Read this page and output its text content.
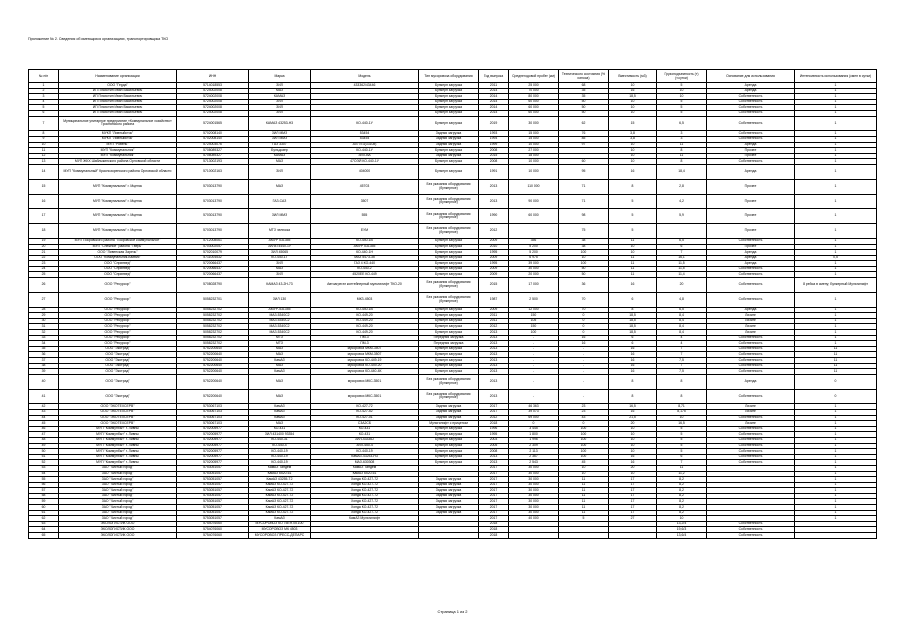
Приложение № 2. Сведения об имеющихся организациях, транспортировщика ТКО
№ п/п	Наименование организации	ИНН	Марка	Модель	Тип мусоровоза оборудования	Год выпуска	Среднегодовой пробег (км)	Технического состояния (% износа)	Вместимость (м3)	Грузоподъемность (т) (т.сутки)	Основание для использования	Интенсивность использования (смен в сутки)
1	ООО "Герда"	5714018553	ЗИЛ	433362/43446	Бункерн загрузка	2011	25 000	68	10	5	Аренда	1
2	ИП Плахотин Иван Васильевич	5724002008	МАЗ		Бункерн загрузка	2014	70 000	35	16	10	Аренда	1
3	ИП Плахотин Иван Васильевич	5724002008	КАМАЗ		Бункерн загрузка	2014	80 000	35	18,5	10	Собственность	1
4	ИП Плахотин Иван Васильевич	5724002008	ЗИЛ		Бункерн загрузка	2014	60 000	50	10	5	Собственность	1
5	ИП Плахотин Иван Васильевич	5724002008	ЗИЛ		Бункерн загрузка	2014	60 000	50	10	5	Собственность	1
6	ИП Плахотин Иван Васильевич	5724002008	ЗИЛ		Бункерн загрузка	2014	60 000	50	10	5	Собственность	1
7	Муниципальное унитарное предприятие «Коммунальное хозяйство» Троснянского района	5724001565	КАМАЗ 43253-Н3	КО-440-1У	Бункерн загрузка	2019	30 000	62	15	6,5	Собственность	1
8	МУКП "Ливныйсток"	5702008140	ЗИЛ ММЗ	53454	Задняя загрузка	1993	15 000	76	3,8	3	Собственность	1
9	МУКП "Ливныйсток"	5702008140	ЗИЛ ММЗ	53454	Задняя загрузка	1994	15 000	85	3,8	3	Собственность	1
10	МУП "Ровень"	5724003076	ГАЗ 3307	А077Е3(33108)	Задняя загрузка	1999	10 000	97	10	11	Аренда	1
11	МУП "Коммунальник"	5708089327	Бульдозер	КО-440-1У	Бункерн загрузка	2008	27 000		10	8	Прочее	1
12	МУП "Коммунальник"	5708089327	КАМАЗ	ЗИЛ-ВА	Задняя загрузка	2015	18 000		10	11	Прочее	1
13	МУП ЖКХ Шаблыкинского района Орловской области	5713002193	МАЗ	47ОЭЙ КО-440-1У	Бункерн загрузка	2008	10 000	60	10	8	Собственность	1
14	МУП "Коммунальный" Краснозоренского района Орловской области	5710002163	ЗИЛ	404000	Бункерн загрузка	1991	10 000	95	16	18,4	Аренда	1
15	МУП "Коммунальник" г. Мценск	5703013790	МАЗ	45703	Без указания оборудования (бункерное)	2013	110 000	71	8	2,8	Прочее	1
16	МУП "Коммунальник" г. Мценск	5703013790	ГАЗ-САЗ	3507	Без указания оборудования (бункерное)	2013	90 000	71	5	4,2	Прочее	1
17	МУП "Коммунальник" г. Мценск	5703013790	ЗИЛ ММЗ	555	Без указания оборудования (бункерное)	1990	60 000	98	5	5,9	Прочее	1
18	МУП "Коммунальник" г. Мценск	5703013790	МТЗ челюска	ЕУМ	Без указания оборудования (бункерное)	2012		75	5		Прочее	1
19	МУП Покровского района "Покровское коммунальное"	5712008061	АМУР 531355	КО-440-1В	Бункерн загрузка	2009	356	38	11	6,5	Собственность	1
20	МУП "Снежное" района "Тверь"	5703002057	ЗИЛ474440-1У	АМУР 531355	Бункерн загрузка	2010	5 200	38	10	6	Прочее	1
21	ООО "Ливенская Заречь"	5702010079	ЗИЛ 45065	КО-440-1Н	Бункерн загрузка	1995	5 200	100	10	7	Аренда	1
22	ООО "Коммунальник-Кайвис"	5711004532	КО-440-1Т	МАЗ 5473-35	Бункерн загрузка	2009	6 975	10	11	16,1	Аренда	0,5
23	ООО "Спринвед"	5720066437	ЗИЛ	ГАЗ 4 КО-440	Бункерн загрузка	1995	39 000	100	11	11,5	Аренда	1
24	ООО "Спринвед"	5720066437	МАЗ	КО-440-2	Бункерн загрузка	2009	30 000	50	11	11,5	Собственность	1
25	ООО "Спринвед"	5720066437	ЗИЛ	4520ЕЕ КО-449	Бункерн загрузка	2009	20 000	50	11	11,4	Собственность	1
26	ООО "Ресурсор"	5708028790	КАМАЗ 43-2Н-73	Автоагрегат контейнерный мультилифт ТКО-20	Без указания оборудования (бункерное)	2015	17 000	36	16	20	Собственность	8 рейса в смену; Бункерный Мультилифт
27	ООО "Ресурсор"	5058232701	ЗИЛ 130	МКЗ-4503	Без указания оборудования (бункерное)	1987	2 500	70	6	4,8	Собственность	1
28	ООО "Ресурсор"	5058232702	АМУР-531355	КО-440-1В	Бункерн загрузка	2009	12 000	70	8	6,5	Аренда	1
29	ООО "Ресурсор"	5058232702	МАЗ-5340С2	КО-449-20	Бункерн загрузка	2011	150	0	18,5	8,4	Лизинг	1
30	ООО "Ресурсор"	5058232702	МАЗ-5340С2	КО-449-20	Бункерн загрузка	2011	105	0	18,5	8,4	Лизинг	1
31	ООО "Ресурсор"	5058232702	МАЗ-5340С2	КО-449-20	Бункерн загрузка	2012	150	0	18,5	8,4	Лизинг	1
32	ООО "Ресурсор"	5058232702	МАЗ-5340С2	КО-449-20	Бункерн загрузка	2013	100	0	18,5	8,4	Лизинг	1
33	ООО "Ресурсор"	5058232702	МТЗ	ПМ-3	Передняя загрузка	2013	-	16	6	4	Собственность	1
34	ООО "Ресурсор"	5058232702	МТЗ	ПМ-3	Передняя загрузка	2013	-	16	6	4	Собственность	1
35	ООО "Экотрад"	5752200640	МАЗ	мусоровоз МКМ-3507	Бункерн загрузка	2013	-	-	16	7	Собственность	11
36	ООО "Экотрад"	5752200640	МАЗ	мусоровоз МКМ-3507	Бункерн загрузка	2013	-	-	16	7	Собственность	11
37	ООО "Экотрад"	5752200640	КамАЗ	мусоровоз КО-449-19	Бункерн загрузка	2013	-	-	16	7,5	Собственность	11
38	ООО "Экотрад"	5752200640	МАЗ	мусоровоз КО-449-20	Бункерн загрузка	2013	-	-	16	7	Собственность	11
39	ООО "Экотрад"	5752200640	КамАЗ	мусоровоз КО-440-4К	Бункерн загрузка	2013	-	-	16	7,5	Собственность	11
40	ООО "Экотрад"	5752200640	МАЗ	мусоровоз МКС-3501	Без указания оборудования (бункерное)	2013	-	-	8	8	Аренда	0
41	ООО "Экотрад"	5752200640	МАЗ	мусоровоз МКС-3501	Без указания оборудования (бункерное)	2013	-	-	8	8	Собственность	0
42	ООО "ЭКОТЕХСЕРВ"	5753067103	КамАЗ	КО-427-72	Задняя загрузка	2017	46 363	23	16,5	8,71	Лизинг	1
43	ООО "ЭКОТЕХСЕРВ"	5753067103	КамАЗ	КО-427-52	Задняя загрузка	2017	39 073	23	16	8,175	Лизинг	1
44	ООО "ЭКОТЕХСЕРВ"	5753067103	КамАЗ	КО-427-01	Задняя загрузка	2012	69 000	43	21,5	10	Собственность	1
45	ООО "ЭКОТЕХСЕРВ"	5753067103	МАЗ	С3А2СБ	Мультилифт с прицепом	2018	0	0	20	16,5	Лизинг	1
46	МУП "Коммунбыт" г. Ливны	5702005977	КО-431	КО-431	Бункерн загрузка	1996	3 445	100	10	5	Собственность	1
47	МУП "Коммунбыт" г. Ливны	5702005977	ЗИЛ 431400 93354	КО-431	Бункерн загрузка	1995	1 800	100	10	5	Собственность	1
48	МУП "Коммунбыт" г. Ливны	5702005977	КО-440-31	ЗИЛ-433362	Бункерн загрузка	2003	1 996	100	10	5	Собственность	1
49	МУП "Коммунбыт" г. Ливны	5702005977	КО-440-4	ЗИЛ-450-4	Бункерн загрузка	2005	2 309	100	10	5	Собственность	1
50	МУП "Коммунбыт" г. Ливны	5702005977	КО-440-19	КО-440-19	Бункерн загрузка	2008	2 113	100	10	5	Собственность	1
51	МУП "Коммунбыт" г. Ливны	5702005977	КО-440-19	КамАЗ-43253-Н3	Бункерн загрузка	2013	2 367	100	16	6	Собственность	1
52	МУП "Коммунбыт" г. Ливны	5702005977	КО-440-19	МАЗ-630308	Бункерн загрузка	2013	2 543	45	16	7	Собственность	1
53	ЗАО "Чистый город"	5753051057	КамАЗ Тандем	КамАЗ Тандем		2017	30 000	10	20	11		1
54	ЗАО "Чистый город"	5753051057	КамАЗ 6520-61	КамАЗ 6520-61		2017	30 000	10	10	11,2		1
55	ЗАО "Чистый город"	5753051057	КамАЗ 43255-Т2	Хонда КО-427-72	Задняя загрузка	2017	30 000	11	17	8,2		1
56	ЗАО "Чистый город"	5753051057	КамАЗ КО-427-72	Хонда КО-427-72	Задняя загрузка	2017	30 000	11	17	8,2		1
57	ЗАО "Чистый город"	5753051057	КамАЗ КО-427-72	Хонда КО-427-72	Задняя загрузка	2017	30 000	11	17	8,2		1
58	ЗАО "Чистый город"	5753051057	КамАЗ КО-427-72	Хонда КО-427-72	Задняя загрузка	2017	30 000	11	17	8,2		1
59	ЗАО "Чистый город"	5753051057	КамАЗ КО-427-72	Хонда КО-427-72	Задняя загрузка	2017	30 000	11	17	8,2		1
60	ЗАО "Чистый город"	5753051057	КамАЗ КО-427-72	Хонда КО-427-72	Задняя загрузка	2017	30 000	11	17	8,2		1
61	ЗАО "Чистый город"	5753051057	КамАЗ КО-427-72	Хонда КО-427-72	Задняя загрузка	2017	30 000	11	17	8,2		1
62	ЗАО "Чистый город"	5753051057	КамАЗ	КамАЗ Мультилифт		2017	40 000	5	27	10		1
63	ЭКОЛОГИСТИК ООО	5754076060	МУСОРОВОЗ КО 75ЕЯ.05.100			2018				13,2/4	Собственность	
64	ЭКОЛОГИСТИК ООО	5754076060	МУСОРОВОЗ МК 4503			2018				19,6/3	Собственность	
65	ЭКОЛОГИСТИК ООО	5754076060	МУСОРОВОЗ ПРЕСС-ДЕПАРС			2018				13,6/4	Собственность	
Страница 1 из 2
